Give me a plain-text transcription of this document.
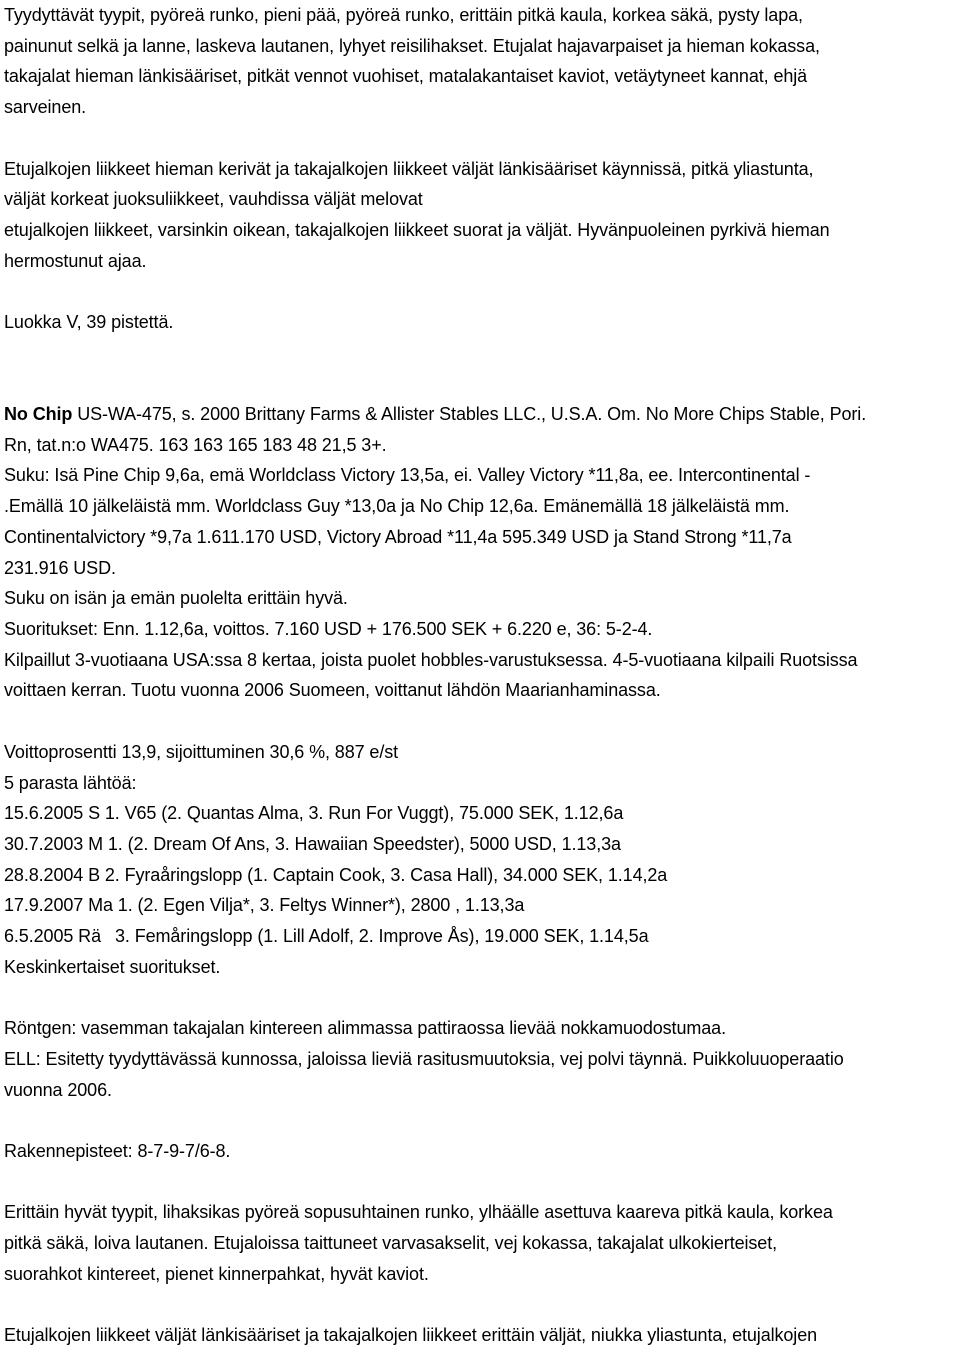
Tyydyttävät tyypit, pyöreä runko, pieni pää, pyöreä runko, erittäin pitkä kaula, korkea säkä, pysty lapa,
painunut selkä ja lanne, laskeva lautanen, lyhyet reisilihakset. Etujalat hajavarpaiset ja hieman kokassa,
takajalat hieman länkisääriset, pitkät vennot vuohiset, matalakantaiset kaviot, vetäytyneet kannat, ehjä
sarveinen.
Etujalkojen liikkeet hieman kerivät ja takajalkojen liikkeet väljät länkisääriset käynnissä, pitkä yliastunta,
väljät korkeat juoksuliikkeet, vauhdissa väljät melovat
etujalkojen liikkeet, varsinkin oikean, takajalkojen liikkeet suorat ja väljät. Hyvänpuoleinen pyrkivä hieman
hermostunut ajaa.
Luokka V, 39 pistettä.
No Chip US-WA-475, s. 2000 Brittany Farms & Allister Stables LLC., U.S.A. Om. No More Chips Stable, Pori.
Rn, tat.n:o WA475. 163 163 165 183 48 21,5 3+.
Suku: Isä Pine Chip 9,6a, emä Worldclass Victory 13,5a, ei. Valley Victory *11,8a, ee. Intercontinental -
.Emällä 10 jälkeläistä mm. Worldclass Guy *13,0a ja No Chip 12,6a. Emänemällä 18 jälkeläistä mm.
Continentalvictory *9,7a 1.611.170 USD, Victory Abroad *11,4a 595.349 USD ja Stand Strong *11,7a
231.916 USD.
Suku on isän ja emän puolelta erittäin hyvä.
Suoritukset: Enn. 1.12,6a, voittos. 7.160 USD + 176.500 SEK + 6.220 e, 36: 5-2-4.
Kilpaillut 3-vuotiaana USA:ssa 8 kertaa, joista puolet hobbles-varustuksessa. 4-5-vuotiaana kilpaili Ruotsissa
voittaen kerran. Tuotu vuonna 2006 Suomeen, voittanut lähdön Maarianhaminassa.
Voittoprosentti 13,9, sijoittuminen 30,6 %, 887 e/st
5 parasta lähtöä:
15.6.2005 S 1. V65 (2. Quantas Alma, 3. Run For Vuggt), 75.000 SEK, 1.12,6a
30.7.2003 M 1. (2. Dream Of Ans, 3. Hawaiian Speedster), 5000 USD, 1.13,3a
28.8.2004 B 2. Fyraåringslopp (1. Captain Cook, 3. Casa Hall), 34.000 SEK, 1.14,2a
17.9.2007 Ma 1. (2. Egen Vilja*, 3. Feltys Winner*), 2800 , 1.13,3a
6.5.2005 Rä 3. Femåringslopp (1. Lill Adolf, 2. Improve Ås), 19.000 SEK, 1.14,5a
Keskinkertaiset suoritukset.
Röntgen: vasemman takajalan kintereen alimmassa pattiraossa lievää nokkamuodostumaa.
ELL: Esitetty tyydyttävässä kunnossa, jaloissa lieviä rasitusmuutoksia, vej polvi täynnä. Puikkoluuoperaatio
vuonna 2006.
Rakennepisteet: 8-7-9-7/6-8.
Erittäin hyvät tyypit, lihaksikas pyöreä sopusuhtainen runko, ylhäälle asettuva kaareva pitkä kaula, korkea
pitkä säkä, loiva lautanen. Etujaloissa taittuneet varvasakselit, vej kokassa, takajalat ulkokierteiset,
suorahkot kintereet, pienet kinnerpahkat, hyvät kaviot.
Etujalkojen liikkeet väljät länkisääriset ja takajalkojen liikkeet erittäin väljät, niukka yliastunta, etujalkojen
